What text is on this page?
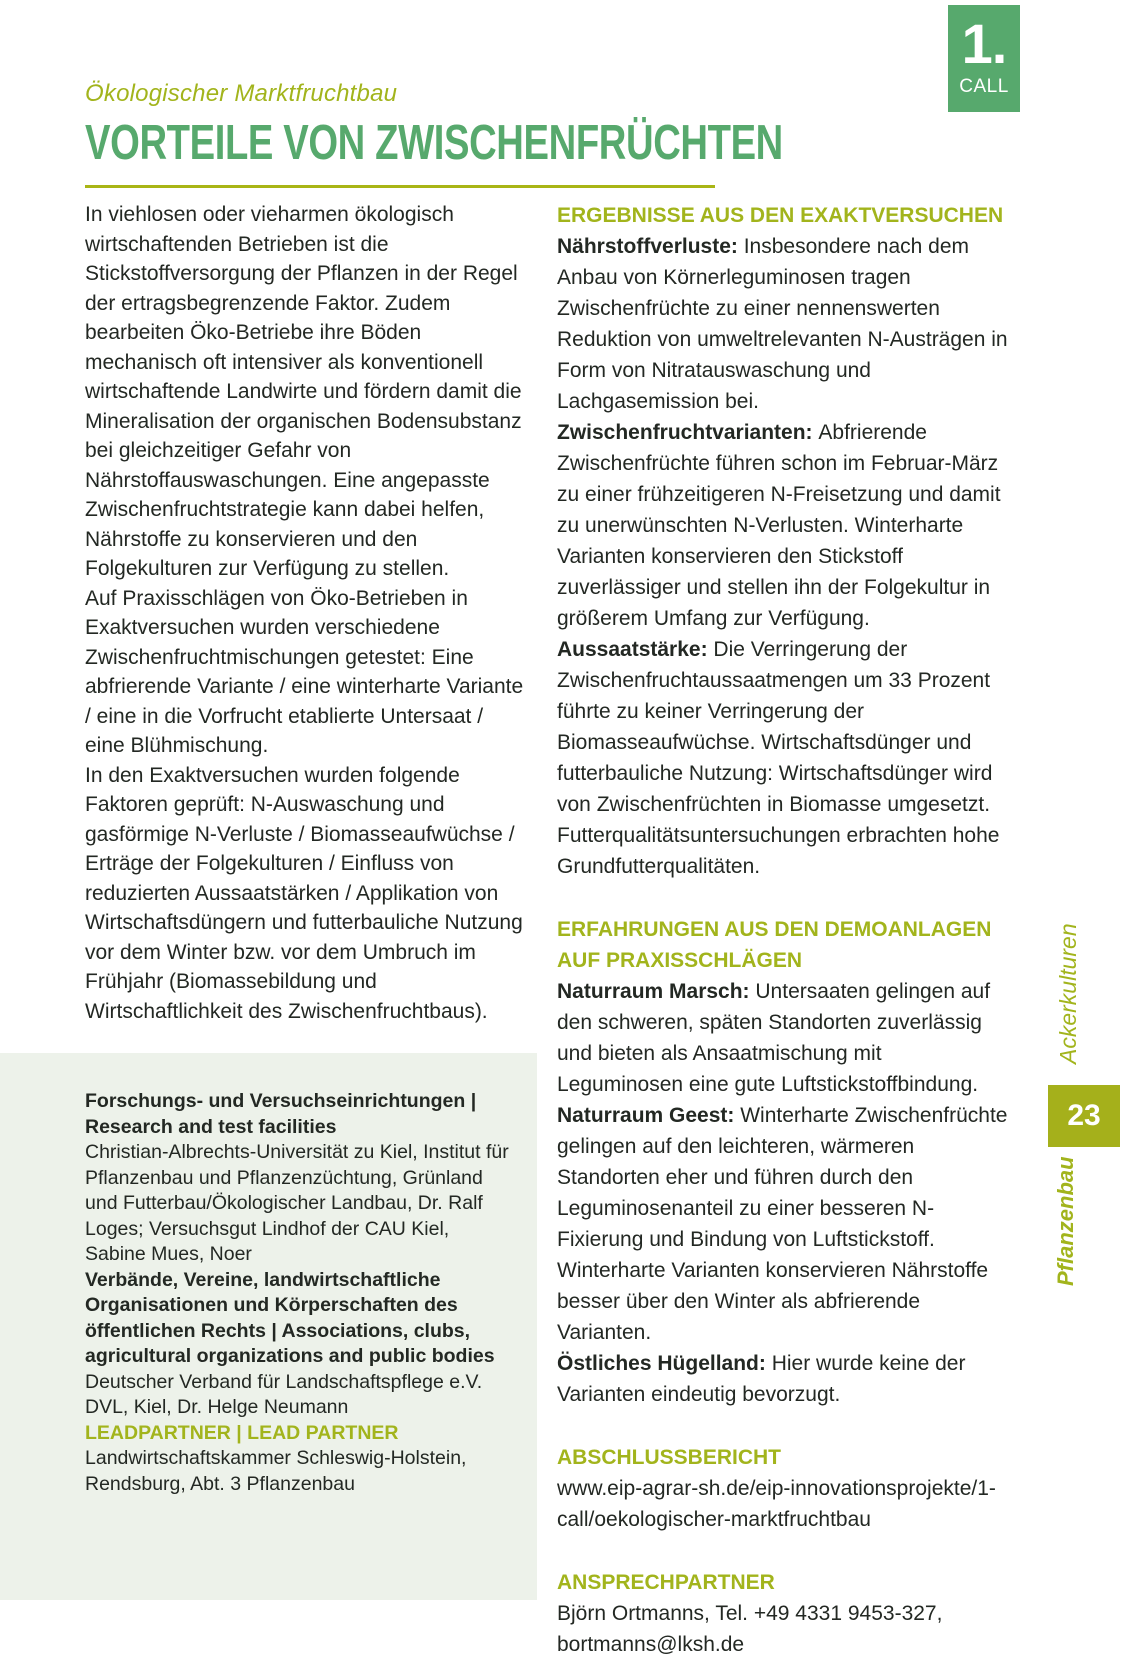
Ökologischer Marktfruchtbau
VORTEILE VON ZWISCHENFRÜCHTEN
1.
CALL

In viehlosen oder vieharmen ökologisch wirtschaftenden Betrieben ist die Stickstoffversorgung der Pflanzen in der Regel der ertragsbegrenzende Faktor. Zudem bearbeiten Öko-Betriebe ihre Böden mechanisch oft intensiver als konventionell wirtschaftende Landwirte und fördern damit die Mineralisation der organischen Bodensubstanz bei gleichzeitiger Gefahr von Nährstoffauswaschungen. Eine angepasste Zwischenfruchtstrategie kann dabei helfen, Nährstoffe zu konservieren und den Folgekulturen zur Verfügung zu stellen.

Auf Praxisschlägen von Öko-Betrieben in Exaktversuchen wurden verschiedene Zwischenfruchtmischungen getestet: Eine abfrierende Variante / eine winterharte Variante / eine in die Vorfrucht etablierte Untersaat / eine Blühmischung.

In den Exaktversuchen wurden folgende Faktoren geprüft: N-Auswaschung und gasförmige N-Verluste / Biomasseaufwüchse / Erträge der Folgekulturen / Einfluss von reduzierten Aussaatstärken / Applikation von Wirtschaftsdüngern und futterbauliche Nutzung vor dem Winter bzw. vor dem Umbruch im Frühjahr (Biomassebildung und Wirtschaftlichkeit des Zwischenfruchtbaus).

ERGEBNISSE AUS DEN EXAKTVERSUCHEN

Nährstoffverluste: Insbesondere nach dem Anbau von Körnerleguminosen tragen Zwischenfrüchte zu einer nennenswerten Reduktion von umweltrelevanten N-Austrägen in Form von Nitratauswaschung und Lachgasemission bei.

Zwischenfruchtvarianten: Abfrierende Zwischenfrüchte führen schon im Februar-März zu einer frühzeitigeren N-Freisetzung und damit zu unerwünschten N-Verlusten. Winterharte Varianten konservieren den Stickstoff zuverlässiger und stellen ihn der Folgekultur in größerem Umfang zur Verfügung.

Aussaatstärke: Die Verringerung der Zwischenfruchtaussaatmengen um 33 Prozent führte zu keiner Verringerung der Biomasseaufwüchse. Wirtschaftsdünger und futterbauliche Nutzung: Wirtschaftsdünger wird von Zwischenfrüchten in Biomasse umgesetzt. Futterqualitätsuntersuchungen erbrachten hohe Grundfutterqualitäten.

ERFAHRUNGEN AUS DEN DEMOANLAGEN AUF PRAXISSCHLÄGEN

Naturraum Marsch: Untersaaten gelingen auf den schweren, späten Standorten zuverlässig und bieten als Ansaatmischung mit Leguminosen eine gute Luftstickstoffbindung.

Naturraum Geest: Winterharte Zwischenfrüchte gelingen auf den leichteren, wärmeren Standorten eher und führen durch den Leguminosenanteil zu einer besseren N-Fixierung und Bindung von Luftstickstoff. Winterharte Varianten konservieren Nährstoffe besser über den Winter als abfrierende Varianten.

Östliches Hügelland: Hier wurde keine der Varianten eindeutig bevorzugt.

ABSCHLUSSBERICHT

www.eip-agrar-sh.de/eip-innovationsprojekte/1-call/oekologischer-marktfruchtbau

ANSPRECHPARTNER

Björn Ortmanns, Tel. +49 4331 9453-327, bortmanns@lksh.de

Forschungs- und Versuchseinrichtungen | Research and test facilities

Christian-Albrechts-Universität zu Kiel, Institut für Pflanzenbau und Pflanzenzüchtung, Grünland und Futterbau/Ökologischer Landbau, Dr. Ralf Loges; Versuchsgut Lindhof der CAU Kiel, Sabine Mues, Noer

Verbände, Vereine, landwirtschaftliche Organisationen und Körperschaften des öffentlichen Rechts | Associations, clubs, agricultural organizations and public bodies

Deutscher Verband für Landschaftspflege e.V. DVL, Kiel, Dr. Helge Neumann

LEADPARTNER | LEAD PARTNER

Landwirtschaftskammer Schleswig-Holstein, Rendsburg, Abt. 3 Pflanzenbau

Ackerkulturen
23
Pflanzenbau
